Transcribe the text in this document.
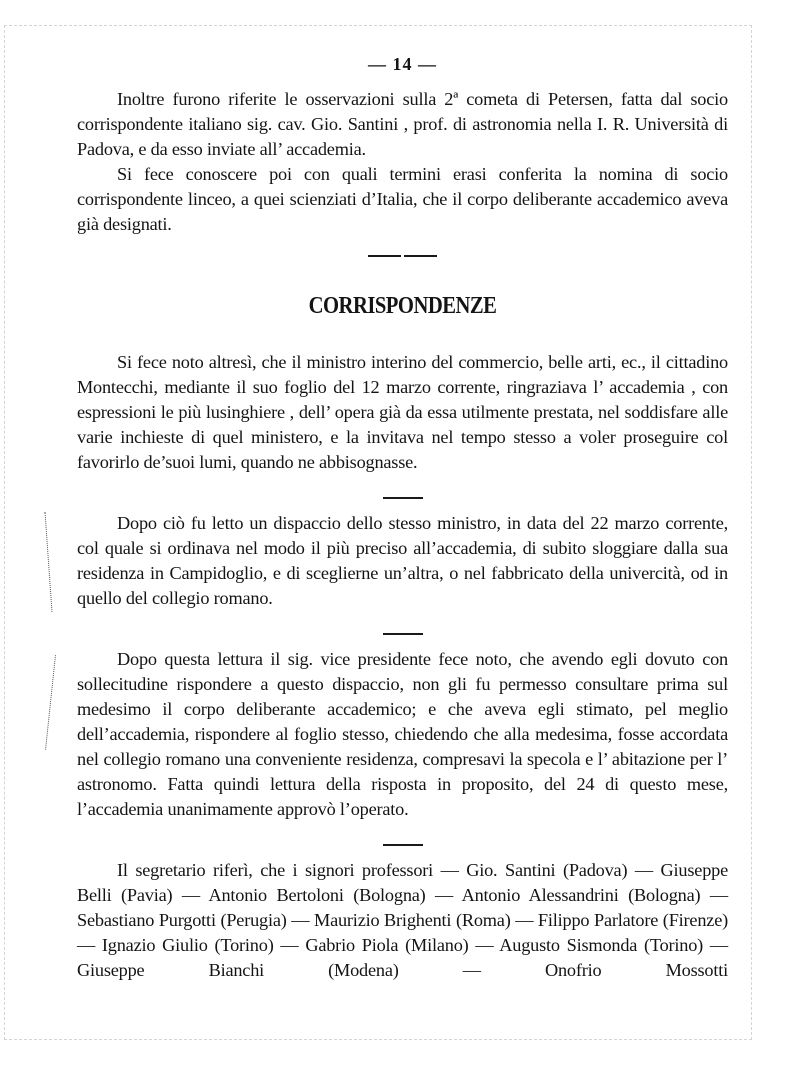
— 14 —

Inoltre furono riferite le osservazioni sulla 2ª cometa di Petersen, fatta dal socio corrispondente italiano sig. cav. Gio. Santini , prof. di astronomia nella I. R. Università di Padova, e da esso inviate all’ accademia.

Si fece conoscere poi con quali termini erasi conferita la nomina di socio corrispondente linceo, a quei scienziati d’Italia, che il corpo deliberante accademico aveva già designati.

CORRISPONDENZE

Si fece noto altresì, che il ministro interino del commercio, belle arti, ec., il cittadino Montecchi, mediante il suo foglio del 12 marzo corrente, ringraziava l’ accademia , con espressioni le più lusinghiere , dell’ opera già da essa utilmente prestata, nel soddisfare alle varie inchieste di quel ministero, e la invitava nel tempo stesso a voler proseguire col favorirlo de’suoi lumi, quando ne abbisognasse.

Dopo ciò fu letto un dispaccio dello stesso ministro, in data del 22 marzo corrente, col quale si ordinava nel modo il più preciso all’accademia, di subito sloggiare dalla sua residenza in Campidoglio, e di sceglierne un’altra, o nel fabbricato della univercità, od in quello del collegio romano.

Dopo questa lettura il sig. vice presidente fece noto, che avendo egli dovuto con sollecitudine rispondere a questo dispaccio, non gli fu permesso consultare prima sul medesimo il corpo deliberante accademico; e che aveva egli stimato, pel meglio dell’accademia, rispondere al foglio stesso, chiedendo che alla medesima, fosse accordata nel collegio romano una conveniente residenza, compresavi la specola e l’ abitazione per l’ astronomo. Fatta quindi lettura della risposta in proposito, del 24 di questo mese, l’accademia unanimamente approvò l’operato.

Il segretario riferì, che i signori professori — Gio. Santini (Padova) — Giuseppe Belli (Pavia) — Antonio Bertoloni (Bologna) — Antonio Alessandrini (Bologna) — Sebastiano Purgotti (Perugia) — Maurizio Brighenti (Roma) — Filippo Parlatore (Firenze) — Ignazio Giulio (Torino) — Gabrio Piola (Milano) — Augusto Sismonda (Torino) — Giuseppe Bianchi (Modena) — Onofrio Mossotti
